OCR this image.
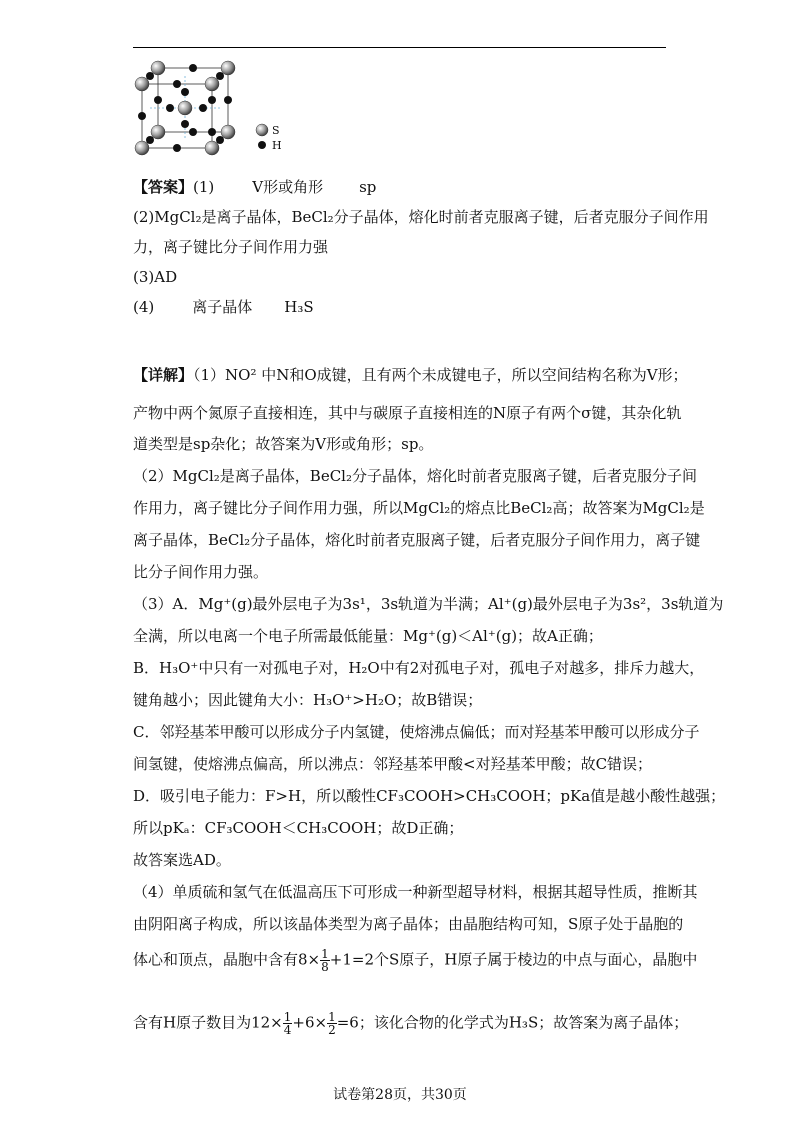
S
H
【答案】(1)	V形或角形 sp
(2)MgCl₂是离子晶体，BeCl₂分子晶体，熔化时前者克服离子键，后者克服分子间作用
力，离子键比分子间作用力强
(3)AD
(4)	离子晶体 H₃S
【详解】（1）NO² 中N和O成键，且有两个未成键电子，所以空间结构名称为V形；
产物中两个氮原子直接相连，其中与碳原子直接相连的N原子有两个σ键，其杂化轨
道类型是sp杂化；故答案为V形或角形；sp。
（2）MgCl₂是离子晶体，BeCl₂分子晶体，熔化时前者克服离子键，后者克服分子间
作用力，离子键比分子间作用力强，所以MgCl₂的熔点比BeCl₂高；故答案为MgCl₂是
离子晶体，BeCl₂分子晶体，熔化时前者克服离子键，后者克服分子间作用力，离子键
比分子间作用力强。
（3）A．Mg⁺(g)最外层电子为3s¹，3s轨道为半满；Al⁺(g)最外层电子为3s²，3s轨道为
全满，所以电离一个电子所需最低能量：Mg⁺(g)＜Al⁺(g)；故A正确；
B．H₃O⁺中只有一对孤电子对，H₂O中有2对孤电子对，孤电子对越多，排斥力越大，
键角越小；因此键角大小：H₃O⁺>H₂O；故B错误；
C．邻羟基苯甲酸可以形成分子内氢键，使熔沸点偏低；而对羟基苯甲酸可以形成分子
间氢键，使熔沸点偏高，所以沸点：邻羟基苯甲酸<对羟基苯甲酸；故C错误；
D．吸引电子能力：F>H，所以酸性CF₃COOH>CH₃COOH；pKa值是越小酸性越强；
所以pKₐ：CF₃COOH＜CH₃COOH；故D正确；
故答案选AD。
（4）单质硫和氢气在低温高压下可形成一种新型超导材料，根据其超导性质，推断其
由阴阳离子构成，所以该晶体类型为离子晶体；由晶胞结构可知，S原子处于晶胞的
体心和顶点，晶胞中含有$8\times \frac{1}{8} +1=2$个S原子，H原子属于棱边的中点与面心，晶胞中
含有H原子数目为$12\times \frac{1}{4} +6\times \frac{1}{2} =6$；该化合物的化学式为H₃S；故答案为离子晶体；
试卷第28页，共30页
